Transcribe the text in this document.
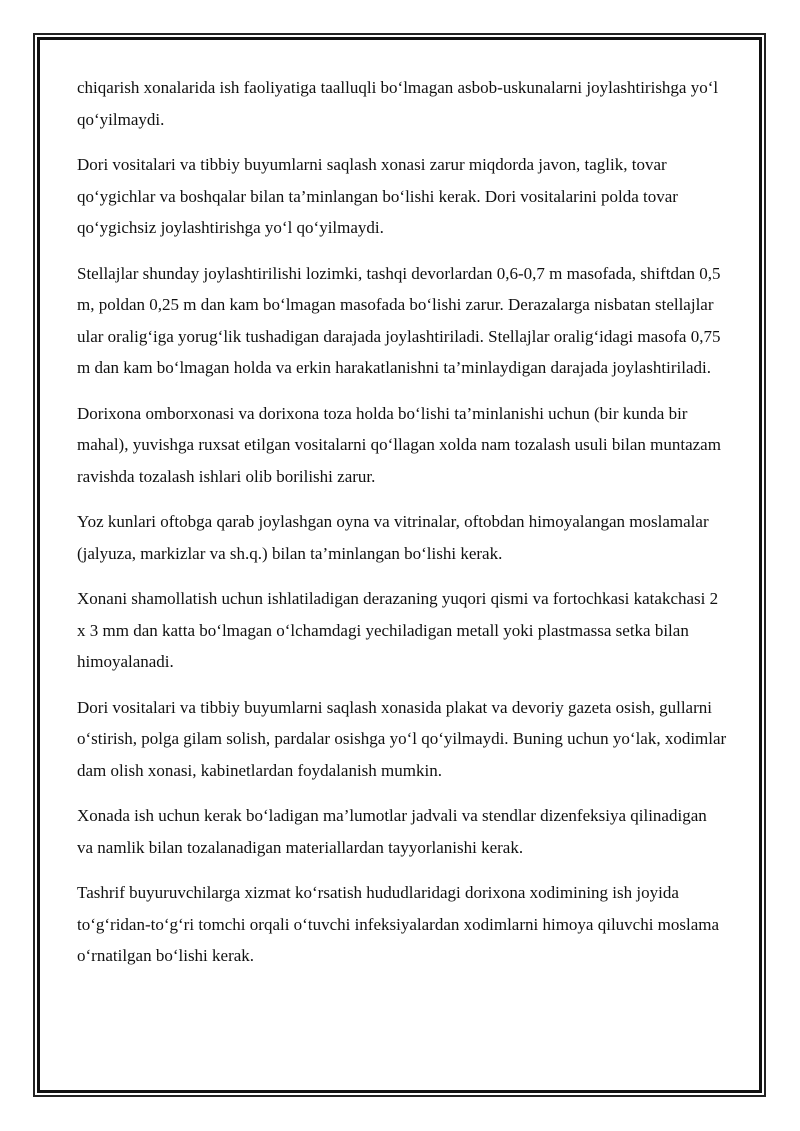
chiqarish xonalarida ish faoliyatiga taalluqli bo‘lmagan asbob-uskunalarni joylashtirishga yo‘l qo‘yilmaydi.

Dori vositalari va tibbiy buyumlarni saqlash xonasi zarur miqdorda javon, taglik, tovar qo‘ygichlar va boshqalar bilan ta’minlangan bo‘lishi kerak. Dori vositalarini polda tovar qo‘ygichsiz joylashtirishga yo‘l qo‘yilmaydi.

Stellajlar shunday joylashtirilishi lozimki, tashqi devorlardan 0,6-0,7 m masofada, shiftdan 0,5 m, poldan 0,25 m dan kam bo‘lmagan masofada bo‘lishi zarur. Derazalarga nisbatan stellajlar ular oralig‘iga yorug‘lik tushadigan darajada joylashtiriladi. Stellajlar oralig‘idagi masofa 0,75 m dan kam bo‘lmagan holda va erkin harakatlanishni ta’minlaydigan darajada joylashtiriladi.

Dorixona omborxonasi va dorixona toza holda bo‘lishi ta’minlanishi uchun (bir kunda bir mahal), yuvishga ruxsat etilgan vositalarni qo‘llagan xolda nam tozalash usuli bilan muntazam ravishda tozalash ishlari olib borilishi zarur.

Yoz kunlari oftobga qarab joylashgan oyna va vitrinalar, oftobdan himoyalangan moslamalar (jalyuza, markizlar va sh.q.) bilan ta’minlangan bo‘lishi kerak.

Xonani shamollatish uchun ishlatiladigan derazaning yuqori qismi va fortochkasi katakchasi 2 x 3 mm dan katta bo‘lmagan o‘lchamdagi yechiladigan metall yoki plastmassa setka bilan himoyalanadi.

Dori vositalari va tibbiy buyumlarni saqlash xonasida plakat va devoriy gazeta osish, gullarni o‘stirish, polga gilam solish, pardalar osishga yo‘l qo‘yilmaydi. Buning uchun yo‘lak, xodimlar dam olish xonasi, kabinetlardan foydalanish mumkin.

Xonada ish uchun kerak bo‘ladigan ma’lumotlar jadvali va stendlar dizenfeksiya qilinadigan va namlik bilan tozalanadigan materiallardan tayyorlanishi kerak.

Tashrif buyuruvchilarga xizmat ko‘rsatish hududlaridagi dorixona xodimining ish joyida to‘g‘ridan-to‘g‘ri tomchi orqali o‘tuvchi infeksiyalardan xodimlarni himoya qiluvchi moslama o‘rnatilgan bo‘lishi kerak.
